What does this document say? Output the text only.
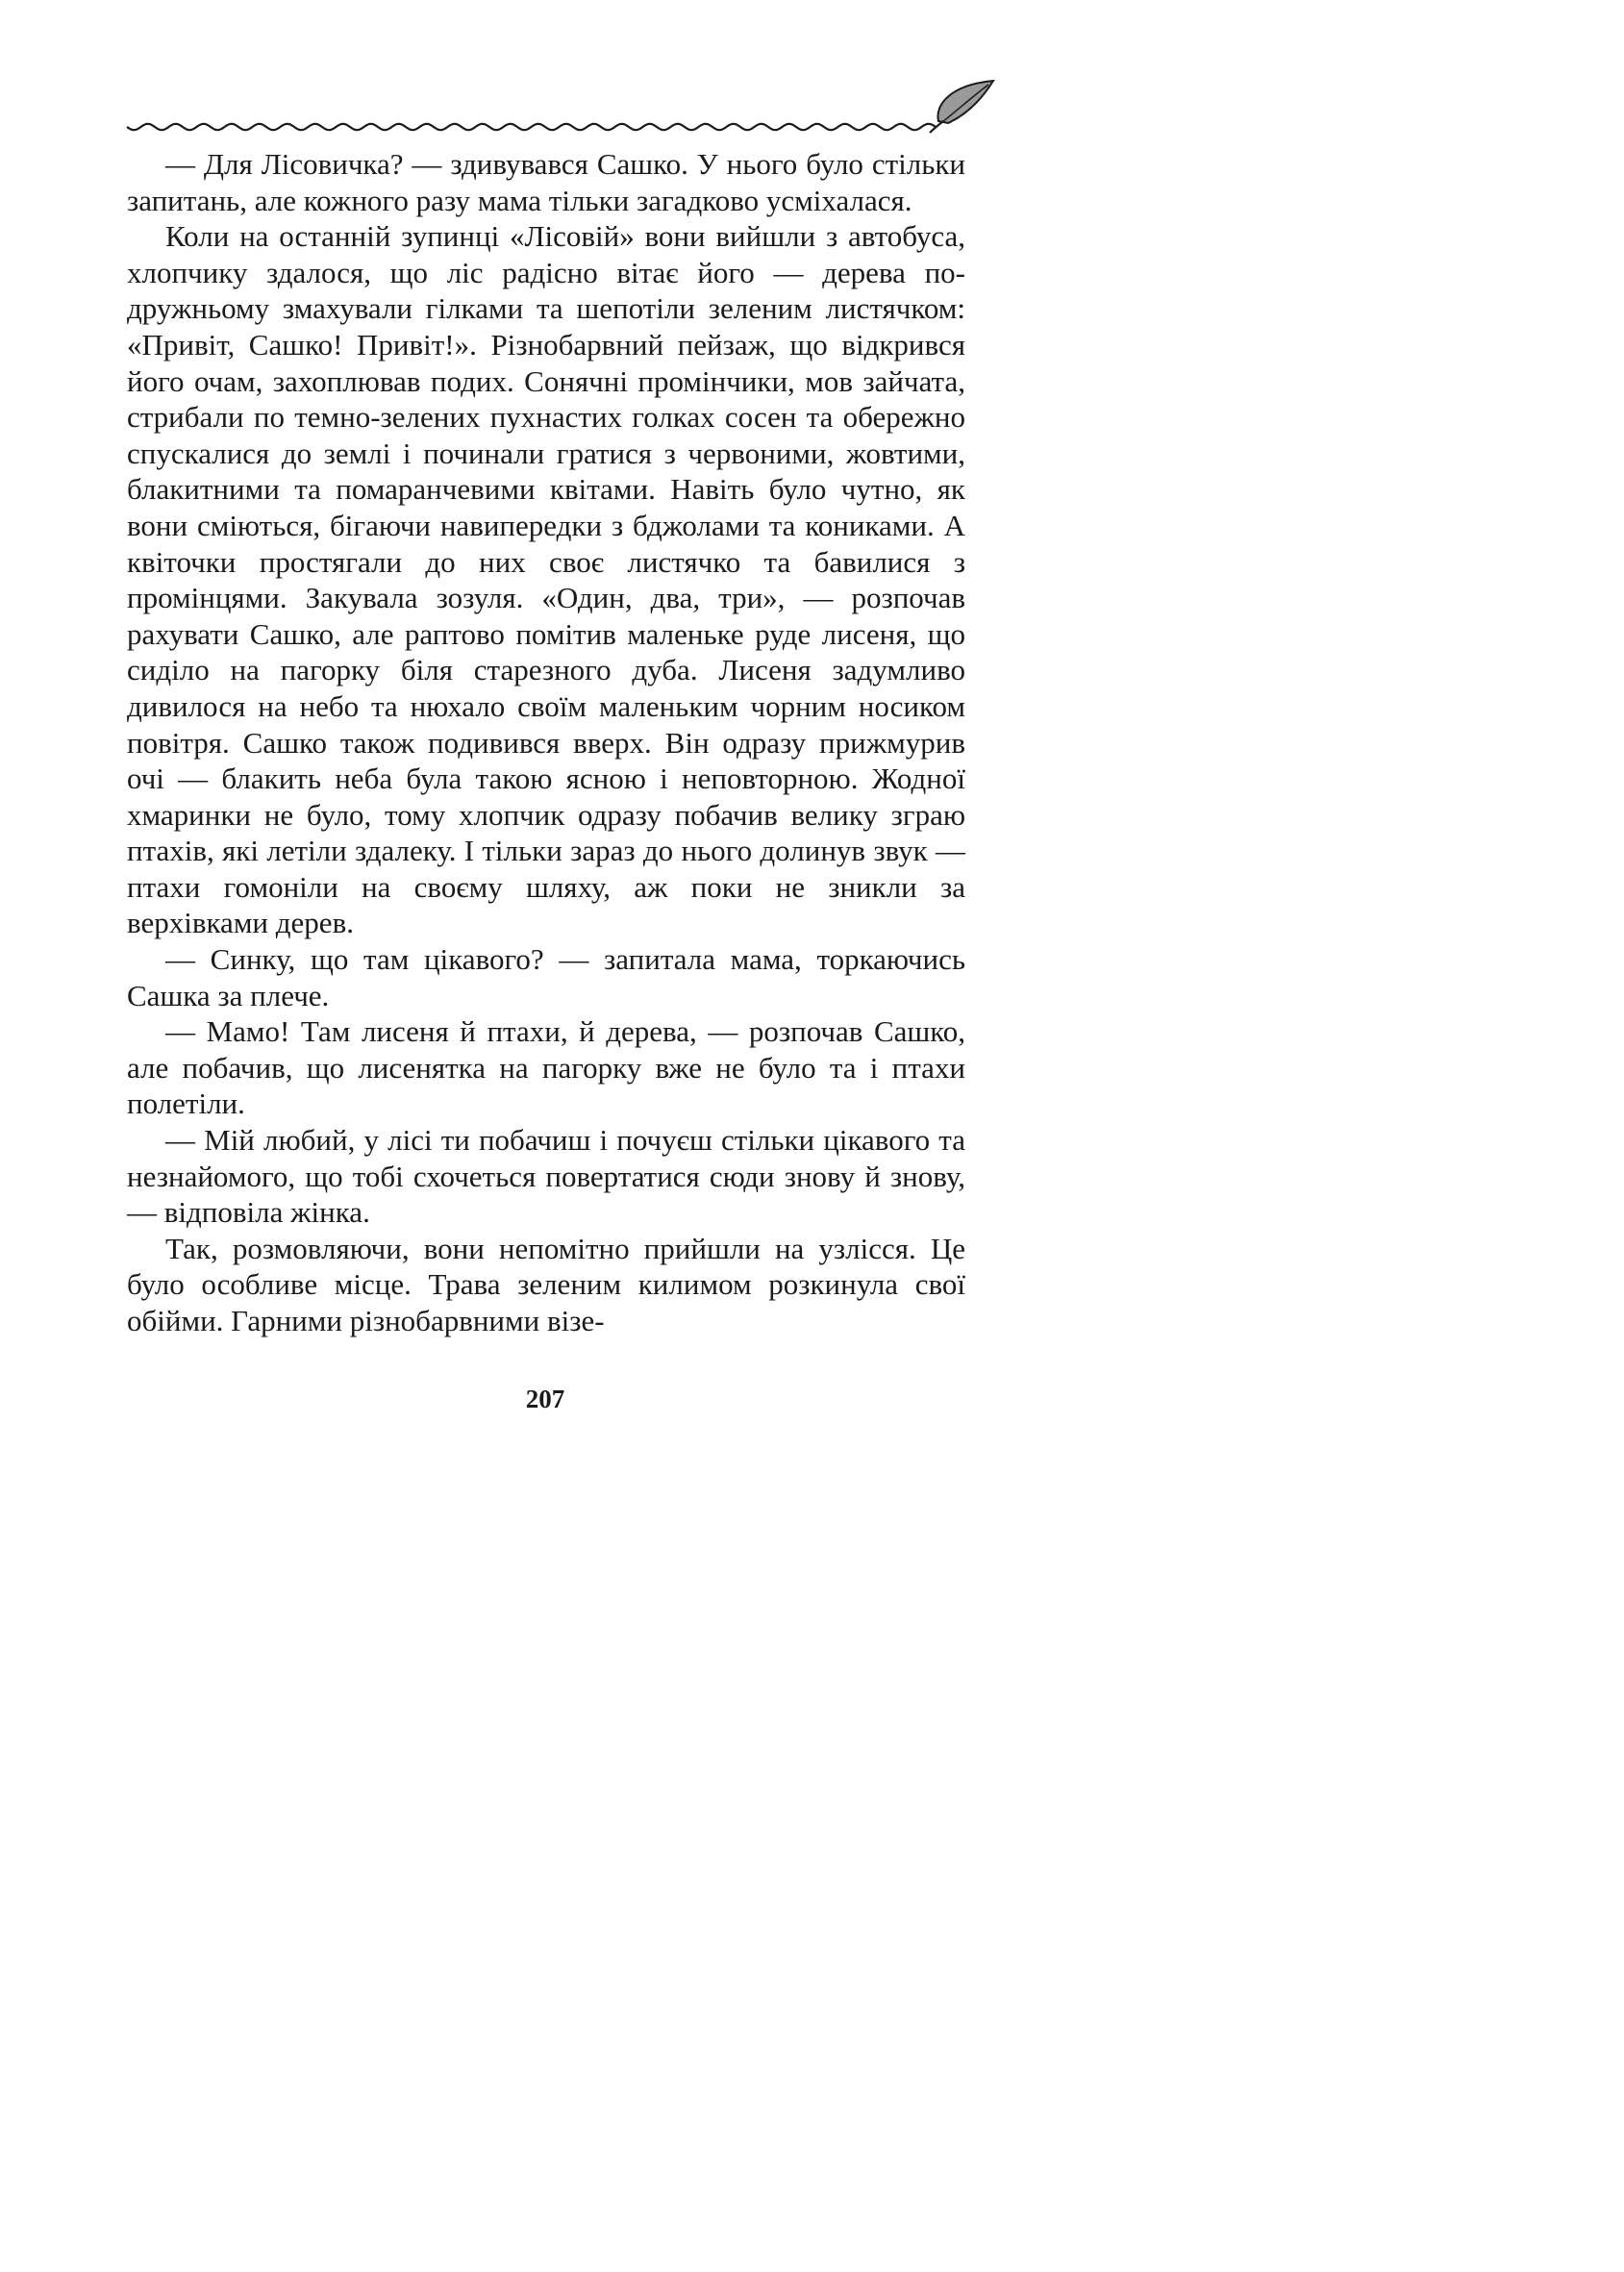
— Для Лісовичка? — здивувався Сашко. У нього було стільки запитань, але кожного разу мама тільки загадково усміхалася.

Коли на останній зупинці «Лісовій» вони вийшли з автобуса, хлопчику здалося, що ліс радісно вітає його — дерева по-дружньому змахували гілками та шепотіли зеленим листячком: «Привіт, Сашко! Привіт!». Різнобарвний пейзаж, що відкрився його очам, захоплював подих. Сонячні промінчики, мов зайчата, стрибали по темно-зелених пухнастих голках сосен та обережно спускалися до землі і починали гратися з червоними, жовтими, блакитними та помаранчевими квітами. Навіть було чутно, як вони сміються, бігаючи навипередки з бджолами та кониками. А квіточки простягали до них своє листячко та бавилися з промінцями. Закувала зозуля. «Один, два, три», — розпочав рахувати Сашко, але раптово помітив маленьке руде лисеня, що сиділо на пагорку біля старезного дуба. Лисеня задумливо дивилося на небо та нюхало своїм маленьким чорним носиком повітря. Сашко також подивився вверх. Він одразу прижмурив очі — блакить неба була такою ясною і неповторною. Жодної хмаринки не було, тому хлопчик одразу побачив велику зграю птахів, які летіли здалеку. І тільки зараз до нього долинув звук — птахи гомоніли на своєму шляху, аж поки не зникли за верхівками дерев.

— Синку, що там цікавого? — запитала мама, торкаючись Сашка за плече.

— Мамо! Там лисеня й птахи, й дерева, — розпочав Сашко, але побачив, що лисенятка на пагорку вже не було та і птахи полетіли.

— Мій любий, у лісі ти побачиш і почуєш стільки цікавого та незнайомого, що тобі схочеться повертатися сюди знову й знову, — відповіла жінка.

Так, розмовляючи, вони непомітно прийшли на узлісся. Це було особливе місце. Трава зеленим килимом розкинула свої обійми. Гарними різнобарвними візе-

207
